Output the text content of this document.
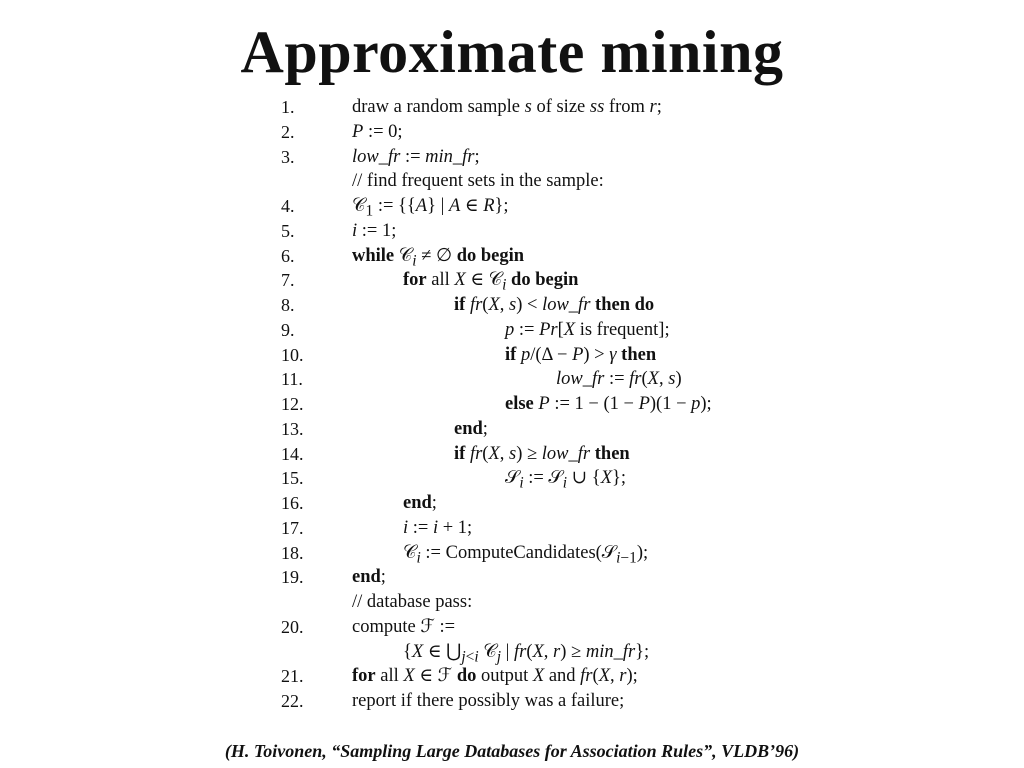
Approximate mining
1.	draw a random sample s of size ss from r;
2.	P := 0;
3.	low_fr := min_fr;
// find frequent sets in the sample:
4.	𝒞$_1$ := {{A} | A ∈ R};
5.	i := 1;
6.	while 𝒞$_i$ ≠ ∅ do begin
7.	for all X ∈ 𝒞$_i$ do begin
8.	if fr(X, s) < low_fr then do
9.	p := Pr[X is frequent];
10.	if p/(Δ − P) > γ then
11.	low_fr := fr(X, s)
12.	else P := 1 − (1 − P)(1 − p);
13.	end;
14.	if fr(X, s) ≥ low_fr then
15.	𝒮$_i$ := 𝒮$_i$ ∪ {X};
16.	end;
17.	i := i + 1;
18.	𝒞$_i$ := ComputeCandidates(𝒮$_{i-1}$);
19.	end;
// database pass:
20.	compute ℱ :=
{X ∈ $⋃_{j<i}$ 𝒞$_j$ | fr(X, r) ≥ min_fr};
21.	for all X ∈ ℱ do output X and fr(X, r);
22.	report if there possibly was a failure;
(H. Toivonen, “Sampling Large Databases for Association Rules”, VLDB’96)
